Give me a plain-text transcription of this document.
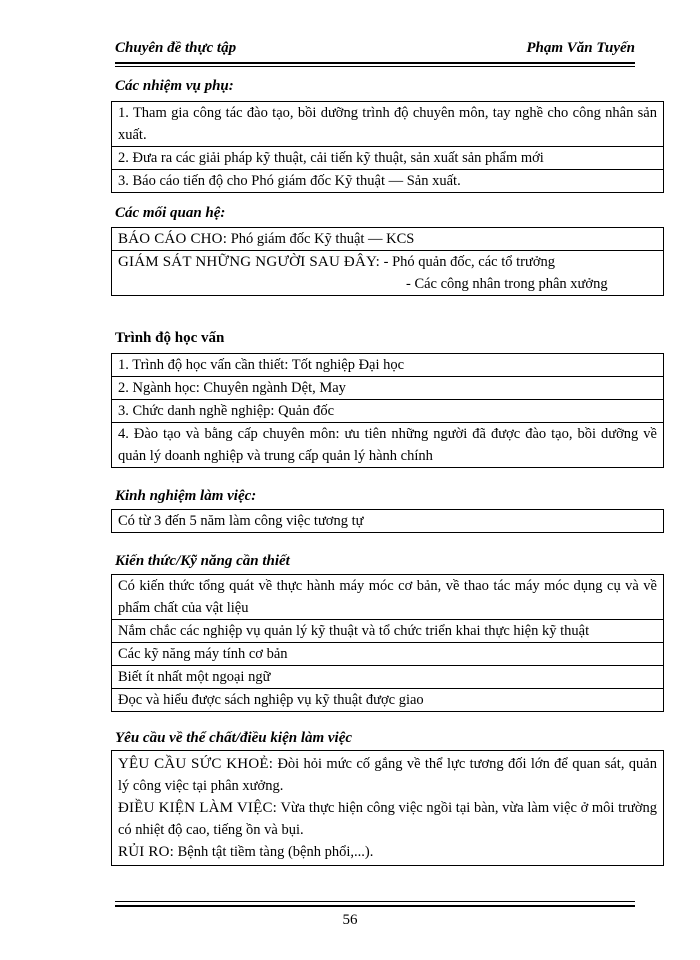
Chuyên đề thực tập	Phạm Văn Tuyến
Các nhiệm vụ phụ:
1. Tham gia công tác đào tạo, bồi dưỡng trình độ chuyên môn, tay nghề cho công nhân sản xuất.
2. Đưa ra các giải pháp kỹ thuật, cải tiến kỹ thuật, sản xuất sản phẩm mới
3. Báo cáo tiến độ cho Phó giám đốc Kỹ thuật — Sản xuất.
Các mối quan hệ:
BÁO CÁO CHO: Phó giám đốc Kỹ thuật — KCS
GIÁM SÁT NHỮNG NGƯỜI SAU ĐÂY: - Phó quản đốc, các tổ trưởng
- Các công nhân trong phân xưởng
Trình độ học vấn
1. Trình độ học vấn cần thiết: Tốt nghiệp Đại học
2. Ngành học: Chuyên ngành Dệt, May
3. Chức danh nghề nghiệp: Quản đốc
4. Đào tạo và bằng cấp chuyên môn: ưu tiên những người đã được đào tạo, bồi dưỡng về quản lý doanh nghiệp và trung cấp quản lý hành chính
Kinh nghiệm làm việc:
Có từ 3 đến 5 năm làm công việc tương tự
Kiến thức/Kỹ năng cần thiết
Có kiến thức tổng quát về thực hành máy móc cơ bản, về thao tác máy móc dụng cụ và về phẩm chất của vật liệu
Nắm chắc các nghiệp vụ quản lý kỹ thuật và tổ chức triển khai thực hiện kỹ thuật
Các kỹ năng máy tính cơ bản
Biết ít nhất một ngoại ngữ
Đọc và hiểu được sách nghiệp vụ kỹ thuật được giao
Yêu cầu về thể chất/điều kiện làm việc
YÊU CẦU SỨC KHOẺ: Đòi hỏi mức cố gắng về thể lực tương đối lớn để quan sát, quản lý công việc tại phân xưởng.
ĐIỀU KIỆN LÀM VIỆC: Vừa thực hiện công việc ngồi tại bàn, vừa làm việc ở môi trường có nhiệt độ cao, tiếng ồn và bụi.
RỦI RO: Bệnh tật tiềm tàng (bệnh phổi,...).
56
